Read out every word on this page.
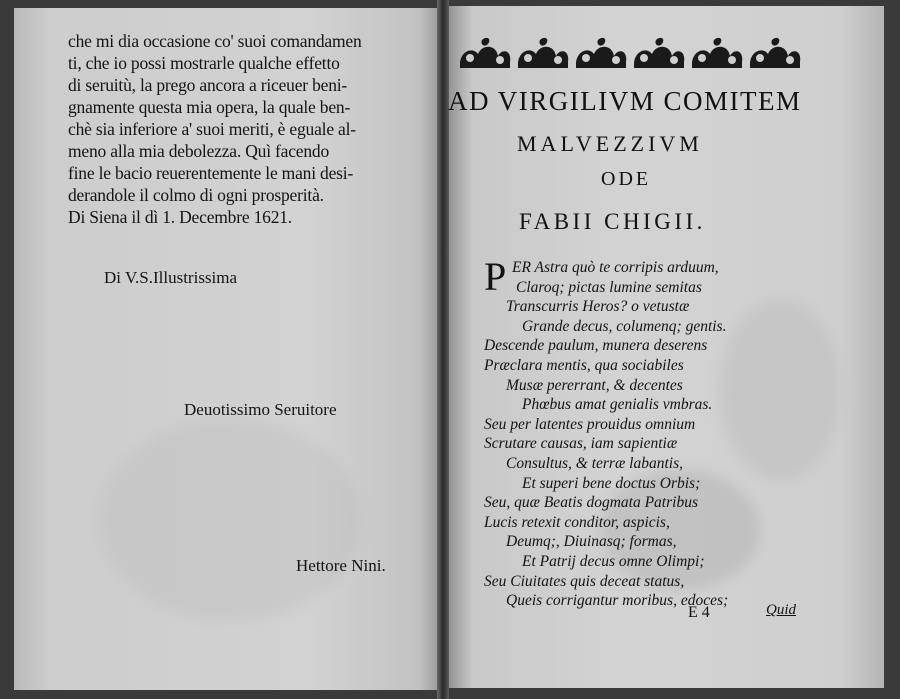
che mi dia occasione co' suoi comandamen
ti, che io possi mostrarle qualche effetto
di seruitù, la prego ancora a riceuer beni-
gnamente questa mia opera, la quale ben-
chè sia inferiore a' suoi meriti, è eguale al-
meno alla mia debolezza. Quì facendo
fine le bacio reuerentemente le mani desi-
derandole il colmo di ogni prosperità.
Di Siena il dì 1. Decembre 1621.
Di V.S.Illustrissima
Deuotissimo Seruitore
Hettore Nini.
AD VIRGILIVM COMITEM
MALVEZZIVM
ODE
FABII CHIGII.
P ER Astra quò te corripis arduum,
Claroq; pictas lumine semitas
Transcurris Heros? o vetustæ
Grande decus, columenq; gentis.
Descende paulum, munera deserens
Præclara mentis, qua sociabiles
Musæ pererrant, & decentes
Phœbus amat genialis vmbras.
Seu per latentes prouidus omnium
Scrutare causas, iam sapientiæ
Consultus, & terræ labantis,
Et superi bene doctus Orbis;
Seu, quæ Beatis dogmata Patribus
Lucis retexit conditor, aspicis,
Deumq;, Diuinasq; formas,
Et Patrij decus omne Olimpi;
Seu Ciuitates quis deceat status,
Queis corrigantur moribus, edoces;
E 4	Quid
